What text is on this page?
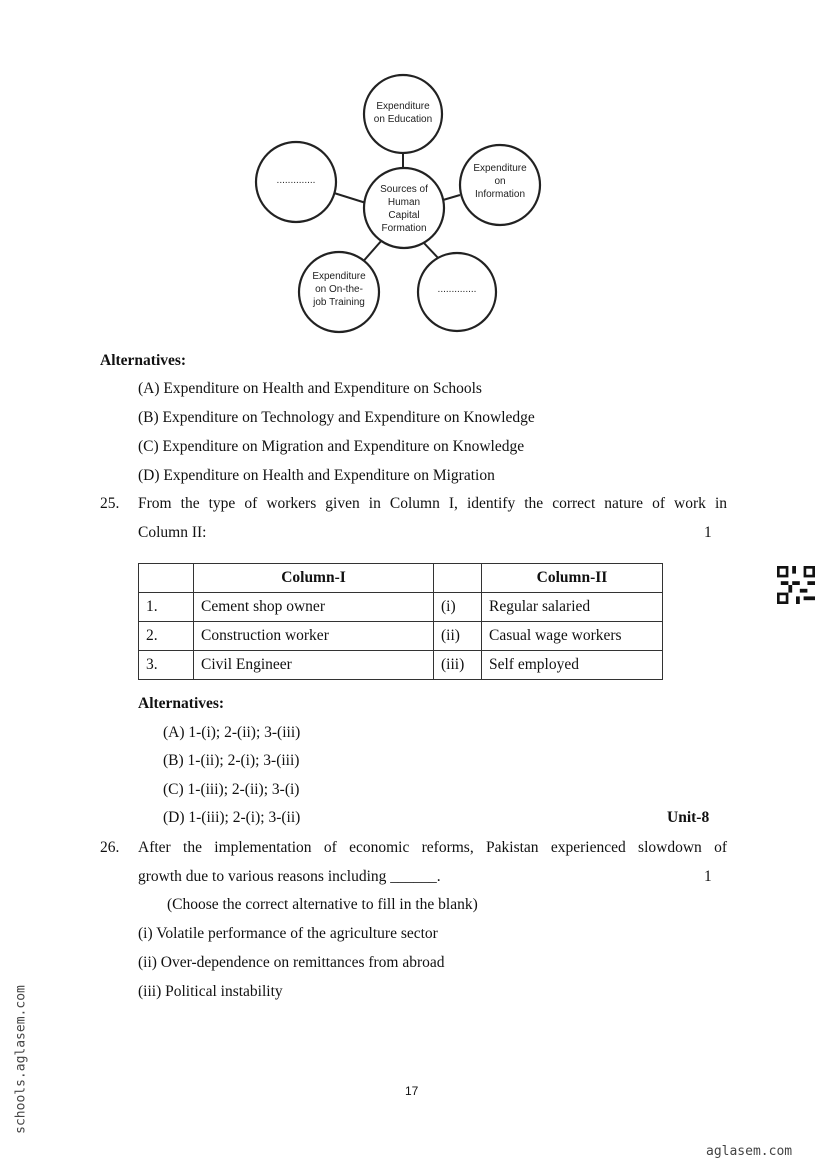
Expenditure
on Education
..............
Sources of
Human
Capital
Formation
Expenditure
on
Information
Expenditure
on On-the-
job Training
..............
Alternatives:
(A) Expenditure on Health and Expenditure on Schools
(B) Expenditure on Technology and Expenditure on Knowledge
(C) Expenditure on Migration and Expenditure on Knowledge
(D) Expenditure on Health and Expenditure on Migration
25. From the type of workers given in Column I, identify the correct nature of work in
Column II:	1
	Column-I		Column-II
1.	Cement shop owner	(i)	Regular salaried
2.	Construction worker	(ii)	Casual wage workers
3.	Civil Engineer	(iii)	Self employed
Alternatives:
(A) 1-(i); 2-(ii); 3-(iii)
(B) 1-(ii); 2-(i); 3-(iii)
(C) 1-(iii); 2-(ii); 3-(i)
(D) 1-(iii); 2-(i); 3-(ii)	Unit-8
26. After the implementation of economic reforms, Pakistan experienced slowdown of
growth due to various reasons including ______.	1
(Choose the correct alternative to fill in the blank)
(i) Volatile performance of the agriculture sector
(ii) Over-dependence on remittances from abroad
(iii) Political instability
17
schools.aglasem.com
aglasem.com
